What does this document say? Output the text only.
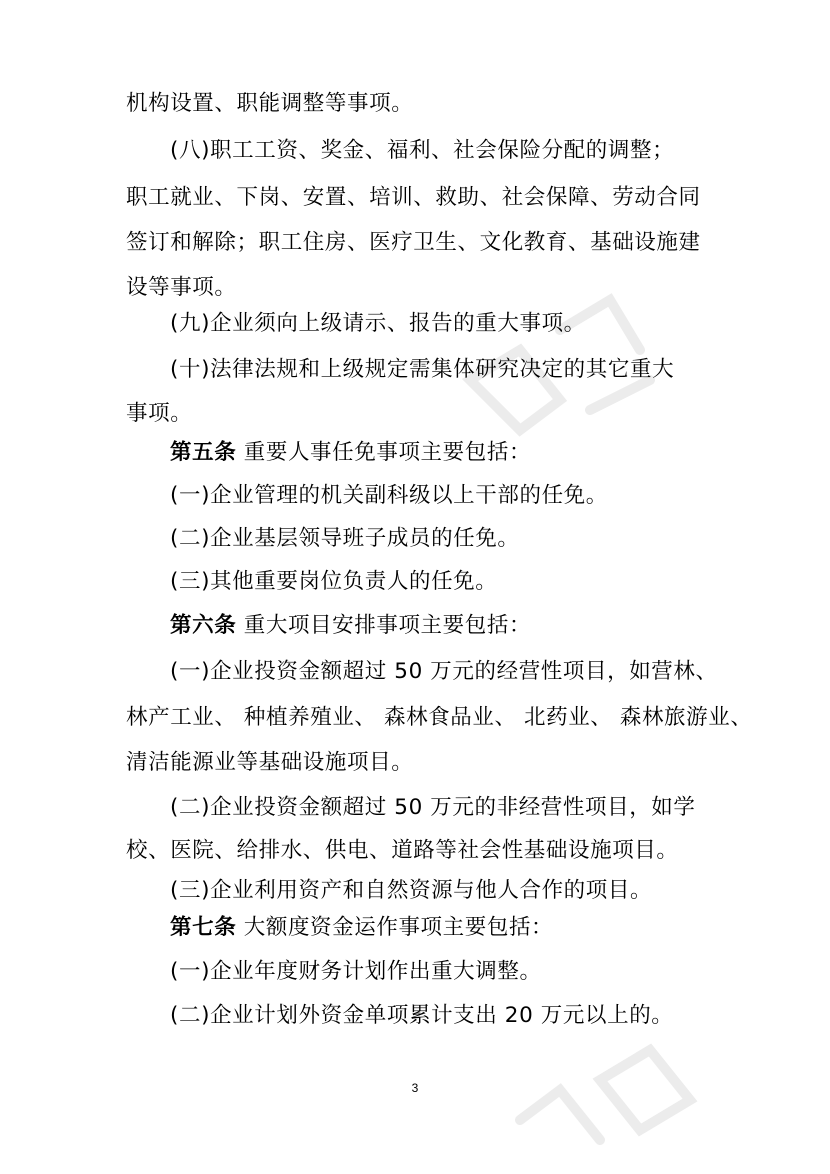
机构设置、职能调整等事项。
(八)职工工资、奖金、福利、社会保险分配的调整；
职工就业、下岗、安置、培训、救助、社会保障、劳动合同
签订和解除；职工住房、医疗卫生、文化教育、基础设施建
设等事项。
(九)企业须向上级请示、报告的重大事项。
(十)法律法规和上级规定需集体研究决定的其它重大
事项。
第五条 重要人事任免事项主要包括：
(一)企业管理的机关副科级以上干部的任免。
(二)企业基层领导班子成员的任免。
(三)其他重要岗位负责人的任免。
第六条 重大项目安排事项主要包括：
(一)企业投资金额超过 50 万元的经营性项目，如营林、
林产工业、 种植养殖业、 森林食品业、 北药业、 森林旅游业、
清洁能源业等基础设施项目。
(二)企业投资金额超过 50 万元的非经营性项目，如学
校、医院、给排水、供电、道路等社会性基础设施项目。
(三)企业利用资产和自然资源与他人合作的项目。
第七条 大额度资金运作事项主要包括：
(一)企业年度财务计划作出重大调整。
(二)企业计划外资金单项累计支出 20 万元以上的。
3
